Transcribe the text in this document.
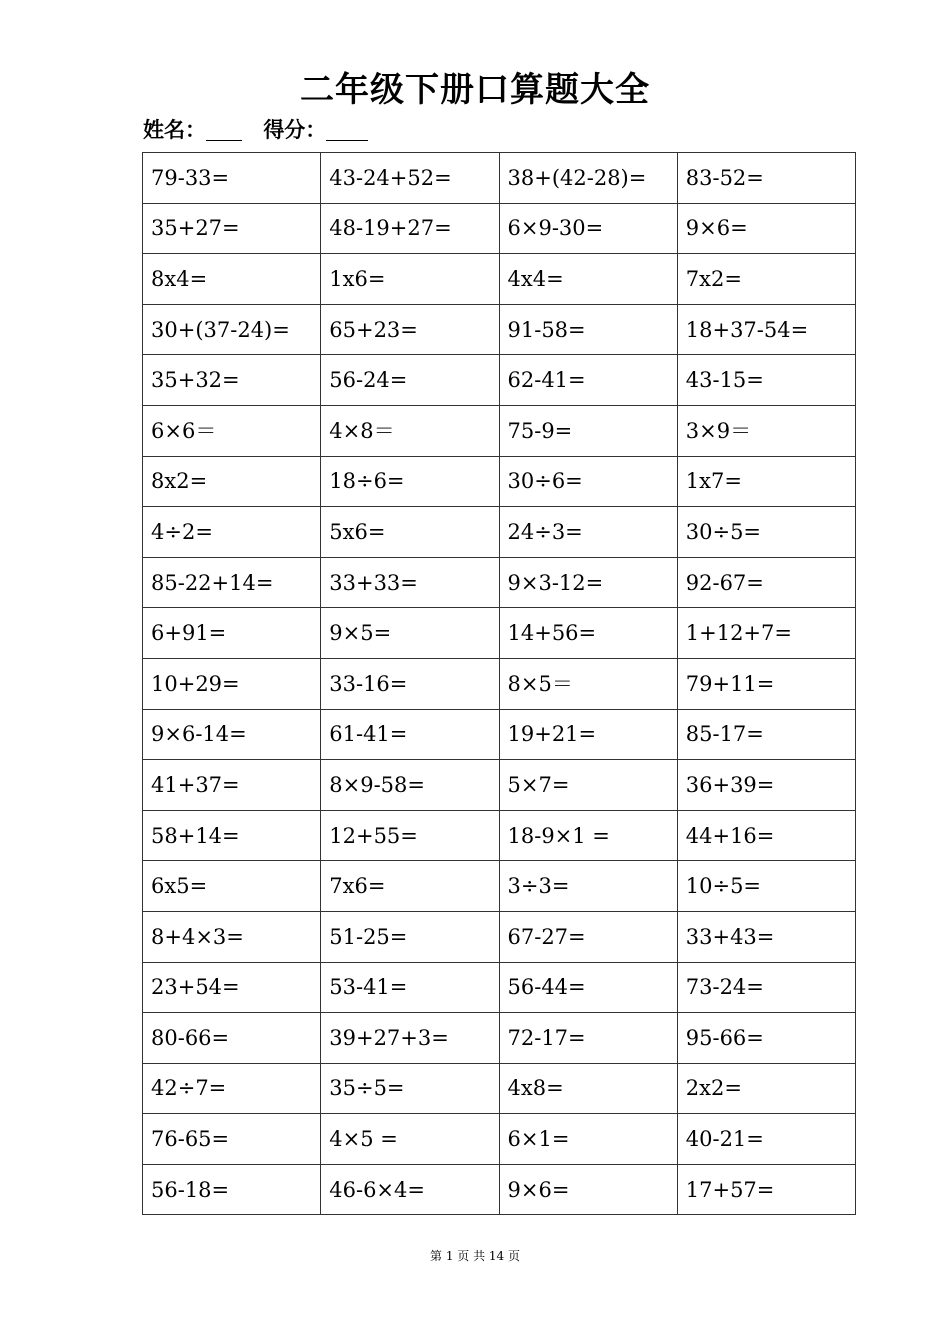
二年级下册口算题大全
姓名：	得分：
79-33=	43-24+52=	38+(42-28)=	83-52=
35+27=	48-19+27=	6×9-30=	9×6=
8x4=	1x6=	4x4=	7x2=
30+(37-24)=	65+23=	91-58=	18+37-54=
35+32=	56-24=	62-41=	43-15=
6×6＝	4×8＝	75-9=	3×9＝
8x2=	18÷6=	30÷6=	1x7=
4÷2=	5x6=	24÷3=	30÷5=
85-22+14=	33+33=	9×3-12=	92-67=
6+91=	9×5=	14+56=	1+12+7=
10+29=	33-16=	8×5＝	79+11=
9×6-14=	61-41=	19+21=	85-17=
41+37=	8×9-58=	5×7=	36+39=
58+14=	12+55=	18-9×1 =	44+16=
6x5=	7x6=	3÷3=	10÷5=
8+4×3=	51-25=	67-27=	33+43=
23+54=	53-41=	56-44=	73-24=
80-66=	39+27+3=	72-17=	95-66=
42÷7=	35÷5=	4x8=	2x2=
76-65=	4×5 =	6×1=	40-21=
56-18=	46-6×4=	9×6=	17+57=
第 1 页 共 14 页
